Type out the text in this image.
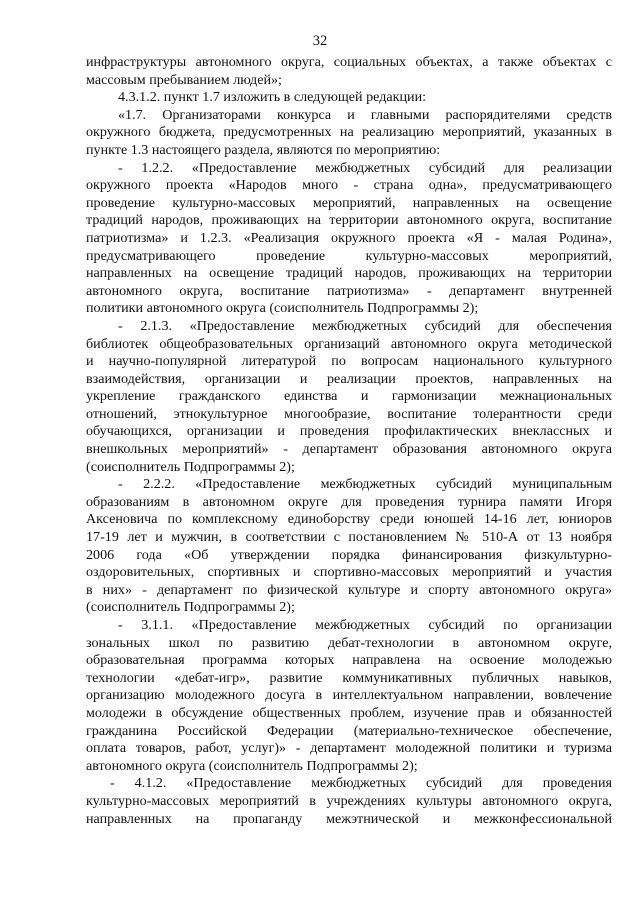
32
инфраструктуры автономного округа, социальных объектах, а также объектах с
массовым пребыванием людей»;
4.3.1.2. пункт 1.7 изложить в следующей редакции:
«1.7. Организаторами конкурса и главными распорядителями средств
окружного бюджета, предусмотренных на реализацию мероприятий, указанных в
пункте 1.3 настоящего раздела, являются по мероприятию:
- 1.2.2. «Предоставление межбюджетных субсидий для реализации
окружного проекта «Народов много - страна одна», предусматривающего
проведение культурно-массовых мероприятий, направленных на освещение
традиций народов, проживающих на территории автономного округа, воспитание
патриотизма» и 1.2.3. «Реализация окружного проекта «Я - малая Родина»,
предусматривающего проведение культурно-массовых мероприятий,
направленных на освещение традиций народов, проживающих на территории
автономного округа, воспитание патриотизма» - департамент внутренней
политики автономного округа (соисполнитель Подпрограммы 2);
- 2.1.3. «Предоставление межбюджетных субсидий для обеспечения
библиотек общеобразовательных организаций автономного округа методической
и научно-популярной литературой по вопросам национального культурного
взаимодействия, организации и реализации проектов, направленных на
укрепление гражданского единства и гармонизации межнациональных
отношений, этнокультурное многообразие, воспитание толерантности среди
обучающихся, организации и проведения профилактических внеклассных и
внешкольных мероприятий» - департамент образования автономного округа
(соисполнитель Подпрограммы 2);
- 2.2.2. «Предоставление межбюджетных субсидий муниципальным
образованиям в автономном округе для проведения турнира памяти Игоря
Аксеновича по комплексному единоборству среди юношей 14-16 лет, юниоров
17-19 лет и мужчин, в соответствии с постановлением № 510-А от 13 ноября
2006 года «Об утверждении порядка финансирования физкультурно-
оздоровительных, спортивных и спортивно-массовых мероприятий и участия
в них» - департамент по физической культуре и спорту автономного округа»
(соисполнитель Подпрограммы 2);
- 3.1.1. «Предоставление межбюджетных субсидий по организации
зональных школ по развитию дебат-технологии в автономном округе,
образовательная программа которых направлена на освоение молодежью
технологии «дебат-игр», развитие коммуникативных публичных навыков,
организацию молодежного досуга в интеллектуальном направлении, вовлечение
молодежи в обсуждение общественных проблем, изучение прав и обязанностей
гражданина Российской Федерации (материально-техническое обеспечение,
оплата товаров, работ, услуг)» - департамент молодежной политики и туризма
автономного округа (соисполнитель Подпрограммы 2);
- 4.1.2. «Предоставление межбюджетных субсидий для проведения
культурно-массовых мероприятий в учреждениях культуры автономного округа,
направленных на пропаганду межэтнической и межконфессиональной
